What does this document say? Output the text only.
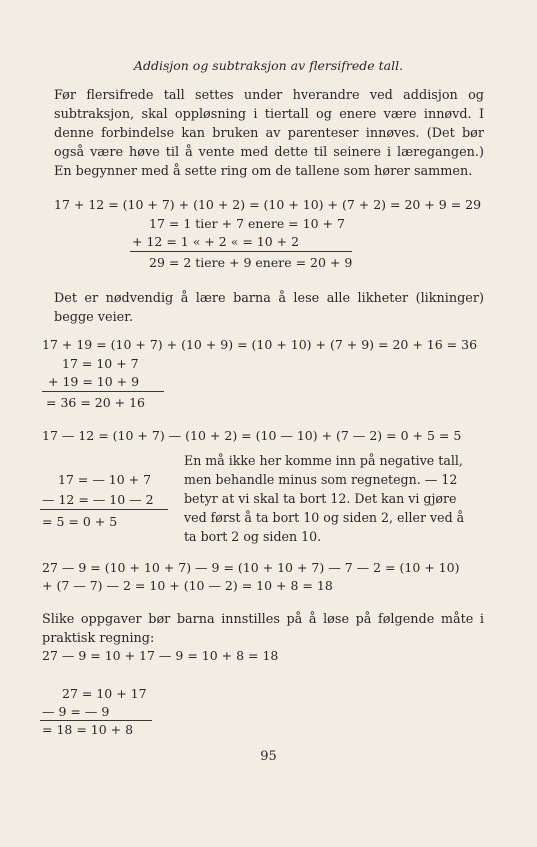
Addisjon og subtraksjon av flersifrede tall.
Før flersifrede tall settes under hverandre ved addisjon og subtraksjon, skal oppløsning i tiertall og enere være innøvd. I denne forbindelse kan bruken av parenteser innøves. (Det bør også være høve til å vente med dette til seinere i læregangen.) En begynner med å sette ring om de tallene som hører sammen.
17 + 12 = (10 + 7) + (10 + 2) = (10 + 10) + (7 + 2) = 20 + 9 = 29
17 = 1 tier + 7 enere = 10 + 7
+ 12 = 1 « + 2 « = 10 + 2
29 = 2 tiere + 9 enere = 20 + 9
Det er nødvendig å lære barna å lese alle likheter (likninger) begge veier.
17 + 19 = (10 + 7) + (10 + 9) = (10 + 10) + (7 + 9) = 20 + 16 = 36
17 = 10 + 7
+ 19 = 10 + 9
= 36 = 20 + 16
17 — 12 = (10 + 7) — (10 + 2) = (10 — 10) + (7 — 2) = 0 + 5 = 5
17 = — 10 + 7
— 12 = — 10 — 2
= 5 = 0 + 5
En må ikke her komme inn på negative tall,
men behandle minus som regnetegn. — 12
betyr at vi skal ta bort 12. Det kan vi gjøre
ved først å ta bort 10 og siden 2, eller ved å
ta bort 2 og siden 10.
27 — 9 = (10 + 10 + 7) — 9 = (10 + 10 + 7) — 7 — 2 = (10 + 10)
+ (7 — 7) — 2 = 10 + (10 — 2) = 10 + 8 = 18
Slike oppgaver bør barna innstilles på å løse på følgende måte i praktisk regning:
27 — 9 = 10 + 17 — 9 = 10 + 8 = 18
27 = 10 + 17
— 9 = — 9
= 18 = 10 + 8
95
